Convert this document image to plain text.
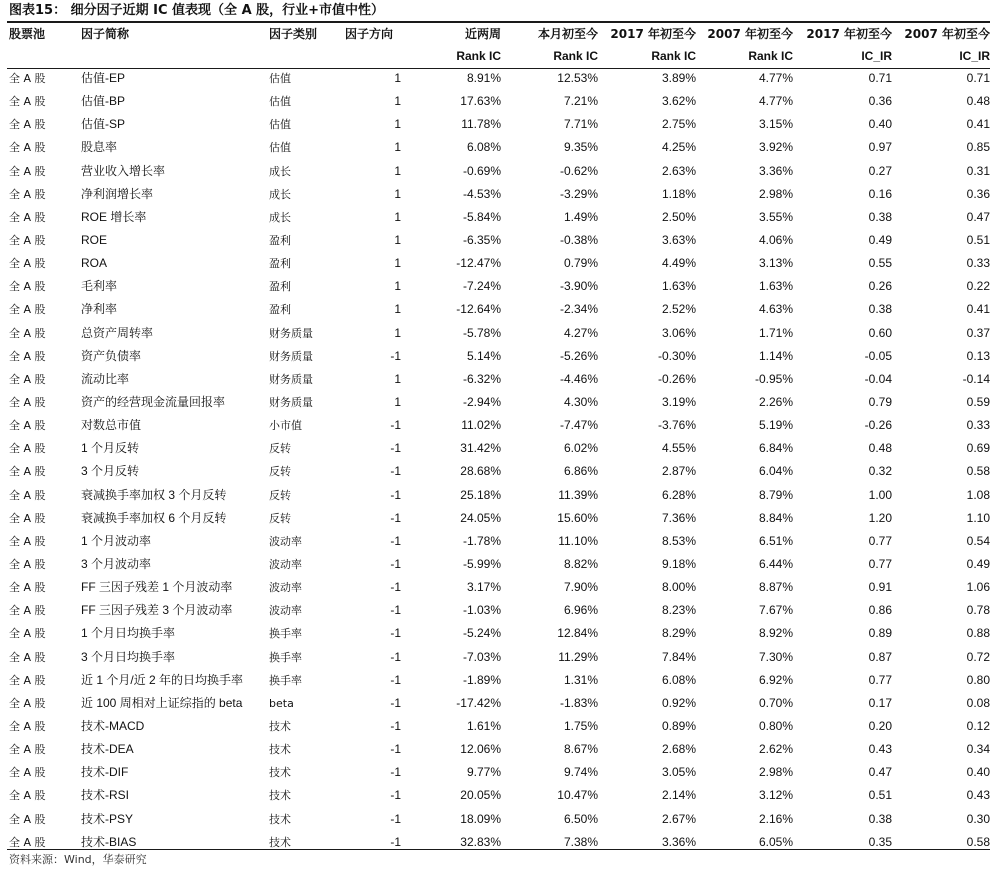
图表15： 细分因子近期 IC 值表现（全 A 股，行业+市值中性）
股票池	因子简称	因子类别	因子方向	近两周	本月初至今	2017 年初至今	2007 年初至今	2017 年初至今	2007 年初至今
				Rank IC	Rank IC	Rank IC	Rank IC	IC_IR	IC_IR
全 A 股	估值-EP	估值	1	8.91%	12.53%	3.89%	4.77%	0.71	0.71
全 A 股	估值-BP	估值	1	17.63%	7.21%	3.62%	4.77%	0.36	0.48
全 A 股	估值-SP	估值	1	11.78%	7.71%	2.75%	3.15%	0.40	0.41
全 A 股	股息率	估值	1	6.08%	9.35%	4.25%	3.92%	0.97	0.85
全 A 股	营业收入增长率	成长	1	-0.69%	-0.62%	2.63%	3.36%	0.27	0.31
全 A 股	净利润增长率	成长	1	-4.53%	-3.29%	1.18%	2.98%	0.16	0.36
全 A 股	ROE 增长率	成长	1	-5.84%	1.49%	2.50%	3.55%	0.38	0.47
全 A 股	ROE	盈利	1	-6.35%	-0.38%	3.63%	4.06%	0.49	0.51
全 A 股	ROA	盈利	1	-12.47%	0.79%	4.49%	3.13%	0.55	0.33
全 A 股	毛利率	盈利	1	-7.24%	-3.90%	1.63%	1.63%	0.26	0.22
全 A 股	净利率	盈利	1	-12.64%	-2.34%	2.52%	4.63%	0.38	0.41
全 A 股	总资产周转率	财务质量	1	-5.78%	4.27%	3.06%	1.71%	0.60	0.37
全 A 股	资产负债率	财务质量	-1	5.14%	-5.26%	-0.30%	1.14%	-0.05	0.13
全 A 股	流动比率	财务质量	1	-6.32%	-4.46%	-0.26%	-0.95%	-0.04	-0.14
全 A 股	资产的经营现金流量回报率	财务质量	1	-2.94%	4.30%	3.19%	2.26%	0.79	0.59
全 A 股	对数总市值	小市值	-1	11.02%	-7.47%	-3.76%	5.19%	-0.26	0.33
全 A 股	1 个月反转	反转	-1	31.42%	6.02%	4.55%	6.84%	0.48	0.69
全 A 股	3 个月反转	反转	-1	28.68%	6.86%	2.87%	6.04%	0.32	0.58
全 A 股	衰减换手率加权 3 个月反转	反转	-1	25.18%	11.39%	6.28%	8.79%	1.00	1.08
全 A 股	衰减换手率加权 6 个月反转	反转	-1	24.05%	15.60%	7.36%	8.84%	1.20	1.10
全 A 股	1 个月波动率	波动率	-1	-1.78%	11.10%	8.53%	6.51%	0.77	0.54
全 A 股	3 个月波动率	波动率	-1	-5.99%	8.82%	9.18%	6.44%	0.77	0.49
全 A 股	FF 三因子残差 1 个月波动率	波动率	-1	3.17%	7.90%	8.00%	8.87%	0.91	1.06
全 A 股	FF 三因子残差 3 个月波动率	波动率	-1	-1.03%	6.96%	8.23%	7.67%	0.86	0.78
全 A 股	1 个月日均换手率	换手率	-1	-5.24%	12.84%	8.29%	8.92%	0.89	0.88
全 A 股	3 个月日均换手率	换手率	-1	-7.03%	11.29%	7.84%	7.30%	0.87	0.72
全 A 股	近 1 个月/近 2 年的日均换手率	换手率	-1	-1.89%	1.31%	6.08%	6.92%	0.77	0.80
全 A 股	近 100 周相对上证综指的 beta	beta	-1	-17.42%	-1.83%	0.92%	0.70%	0.17	0.08
全 A 股	技术-MACD	技术	-1	1.61%	1.75%	0.89%	0.80%	0.20	0.12
全 A 股	技术-DEA	技术	-1	12.06%	8.67%	2.68%	2.62%	0.43	0.34
全 A 股	技术-DIF	技术	-1	9.77%	9.74%	3.05%	2.98%	0.47	0.40
全 A 股	技术-RSI	技术	-1	20.05%	10.47%	2.14%	3.12%	0.51	0.43
全 A 股	技术-PSY	技术	-1	18.09%	6.50%	2.67%	2.16%	0.38	0.30
全 A 股	技术-BIAS	技术	-1	32.83%	7.38%	3.36%	6.05%	0.35	0.58
资料来源：Wind，华泰研究
